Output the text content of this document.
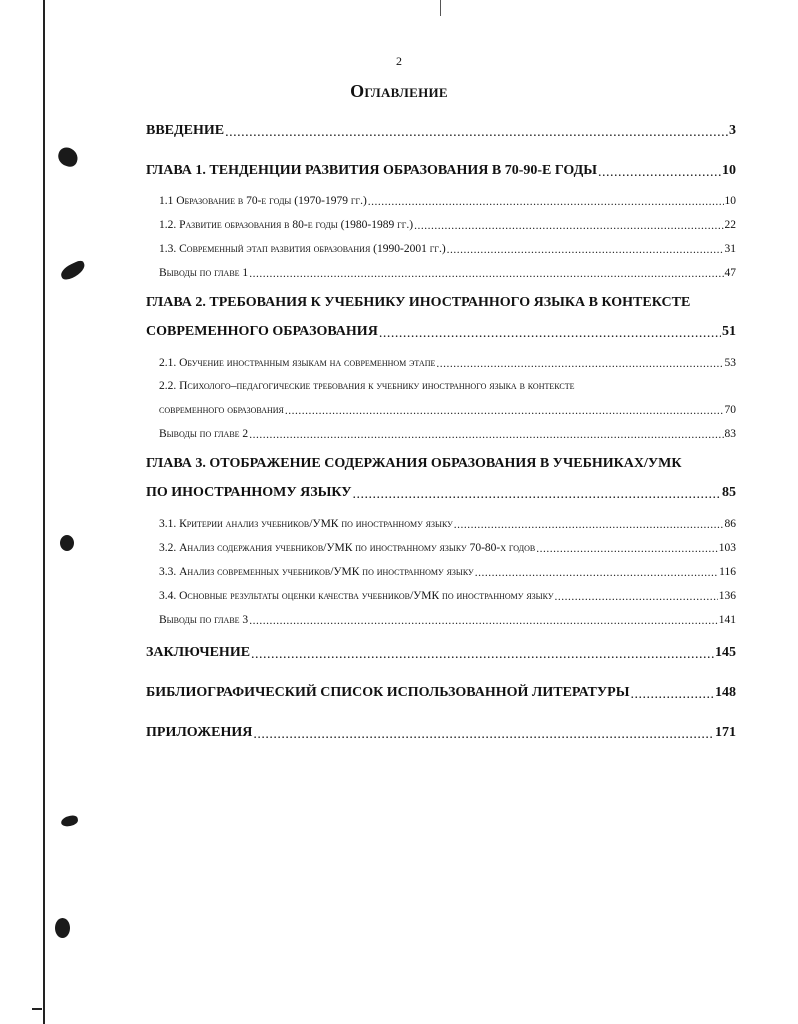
2
Оглавление
ВВЕДЕНИЕ .....	3
ГЛАВА 1. ТЕНДЕНЦИИ РАЗВИТИЯ ОБРАЗОВАНИЯ В 70-90-Е ГОДЫ .....	10
1.1 Образование в 70-е годы (1970-1979 гг.) .....	10
1.2. Развитие образования в 80-е годы (1980-1989 гг.) .....	22
1.3. Современный этап развития образования (1990-2001 гг.) .....	31
Выводы по главе 1 .....	47
ГЛАВА 2. ТРЕБОВАНИЯ К УЧЕБНИКУ ИНОСТРАННОГО ЯЗЫКА В КОНТЕКСТЕ
СОВРЕМЕННОГО ОБРАЗОВАНИЯ .....	51
2.1. Обучение иностранным языкам на современном этапе .....	53
2.2. Психолого–педагогические требования к учебнику иностранного языка в контексте
современного образования .....	70
Выводы по главе 2 .....	83
ГЛАВА 3. ОТОБРАЖЕНИЕ СОДЕРЖАНИЯ ОБРАЗОВАНИЯ В УЧЕБНИКАХ/УМК
ПО ИНОСТРАННОМУ ЯЗЫКУ .....	85
3.1. Критерии анализ учебников/УМК по иностранному языку .....	86
3.2. Анализ содержания учебников/УМК по иностранному языку 70-80-х годов .....	103
3.3. Анализ современных учебников/УМК по иностранному языку .....	116
3.4. Основные результаты оценки качества учебников/УМК по иностранному языку .....	136
Выводы по главе 3 .....	141
ЗАКЛЮЧЕНИЕ .....	145
БИБЛИОГРАФИЧЕСКИЙ СПИСОК ИСПОЛЬЗОВАННОЙ ЛИТЕРАТУРЫ .....	148
ПРИЛОЖЕНИЯ .....	171
